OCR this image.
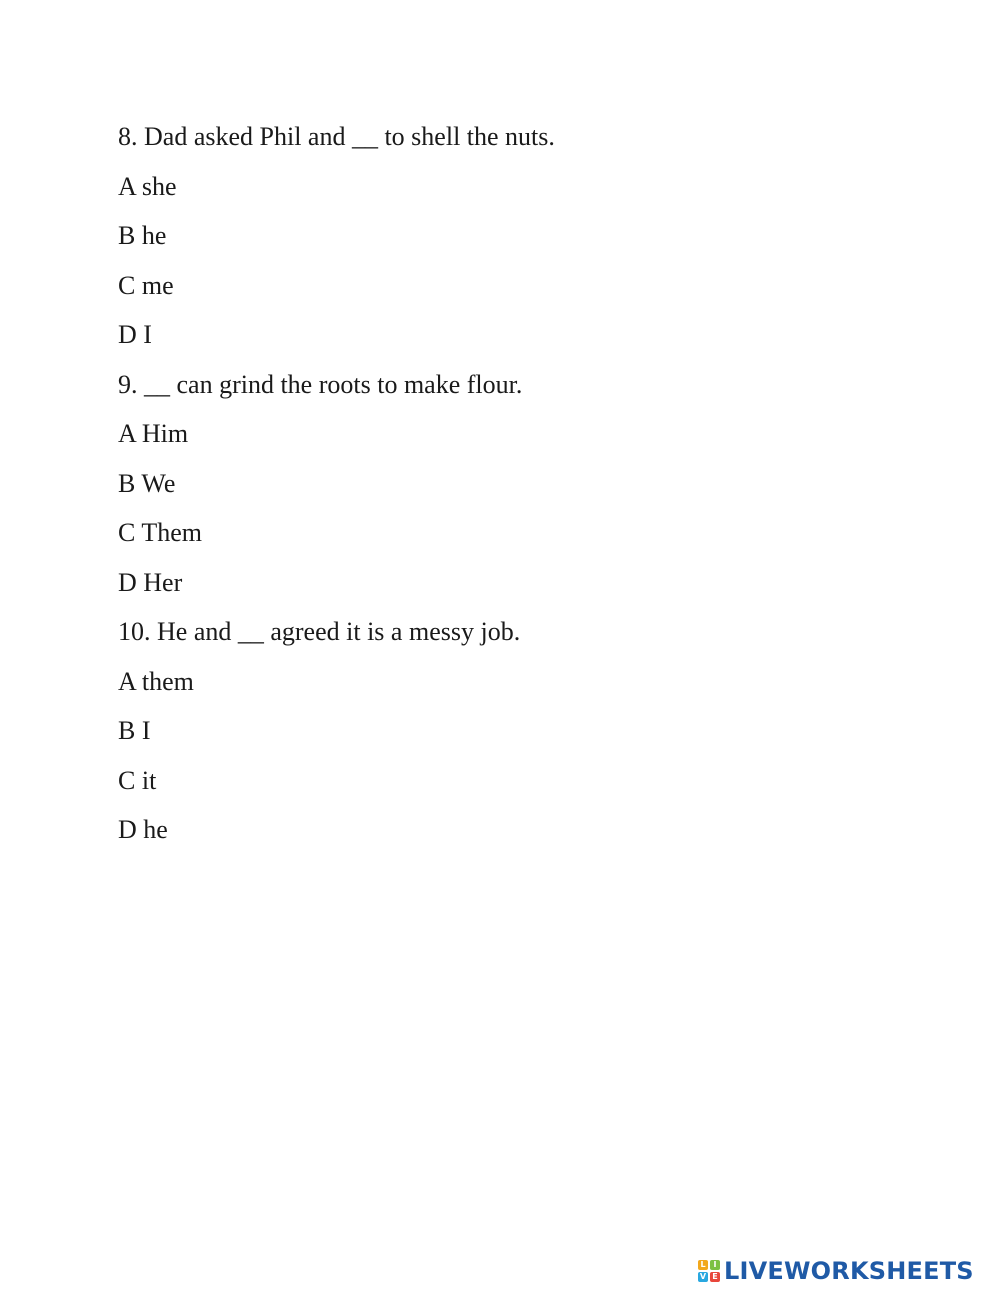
8. Dad asked Phil and __ to shell the nuts.
A she
B he
C me
D I
9. __ can grind the roots to make flour.
A Him
B We
C Them
D Her
10. He and __ agreed it is a messy job.
A them
B I
C it
D he
L I
V E LIVEWORKSHEETS
